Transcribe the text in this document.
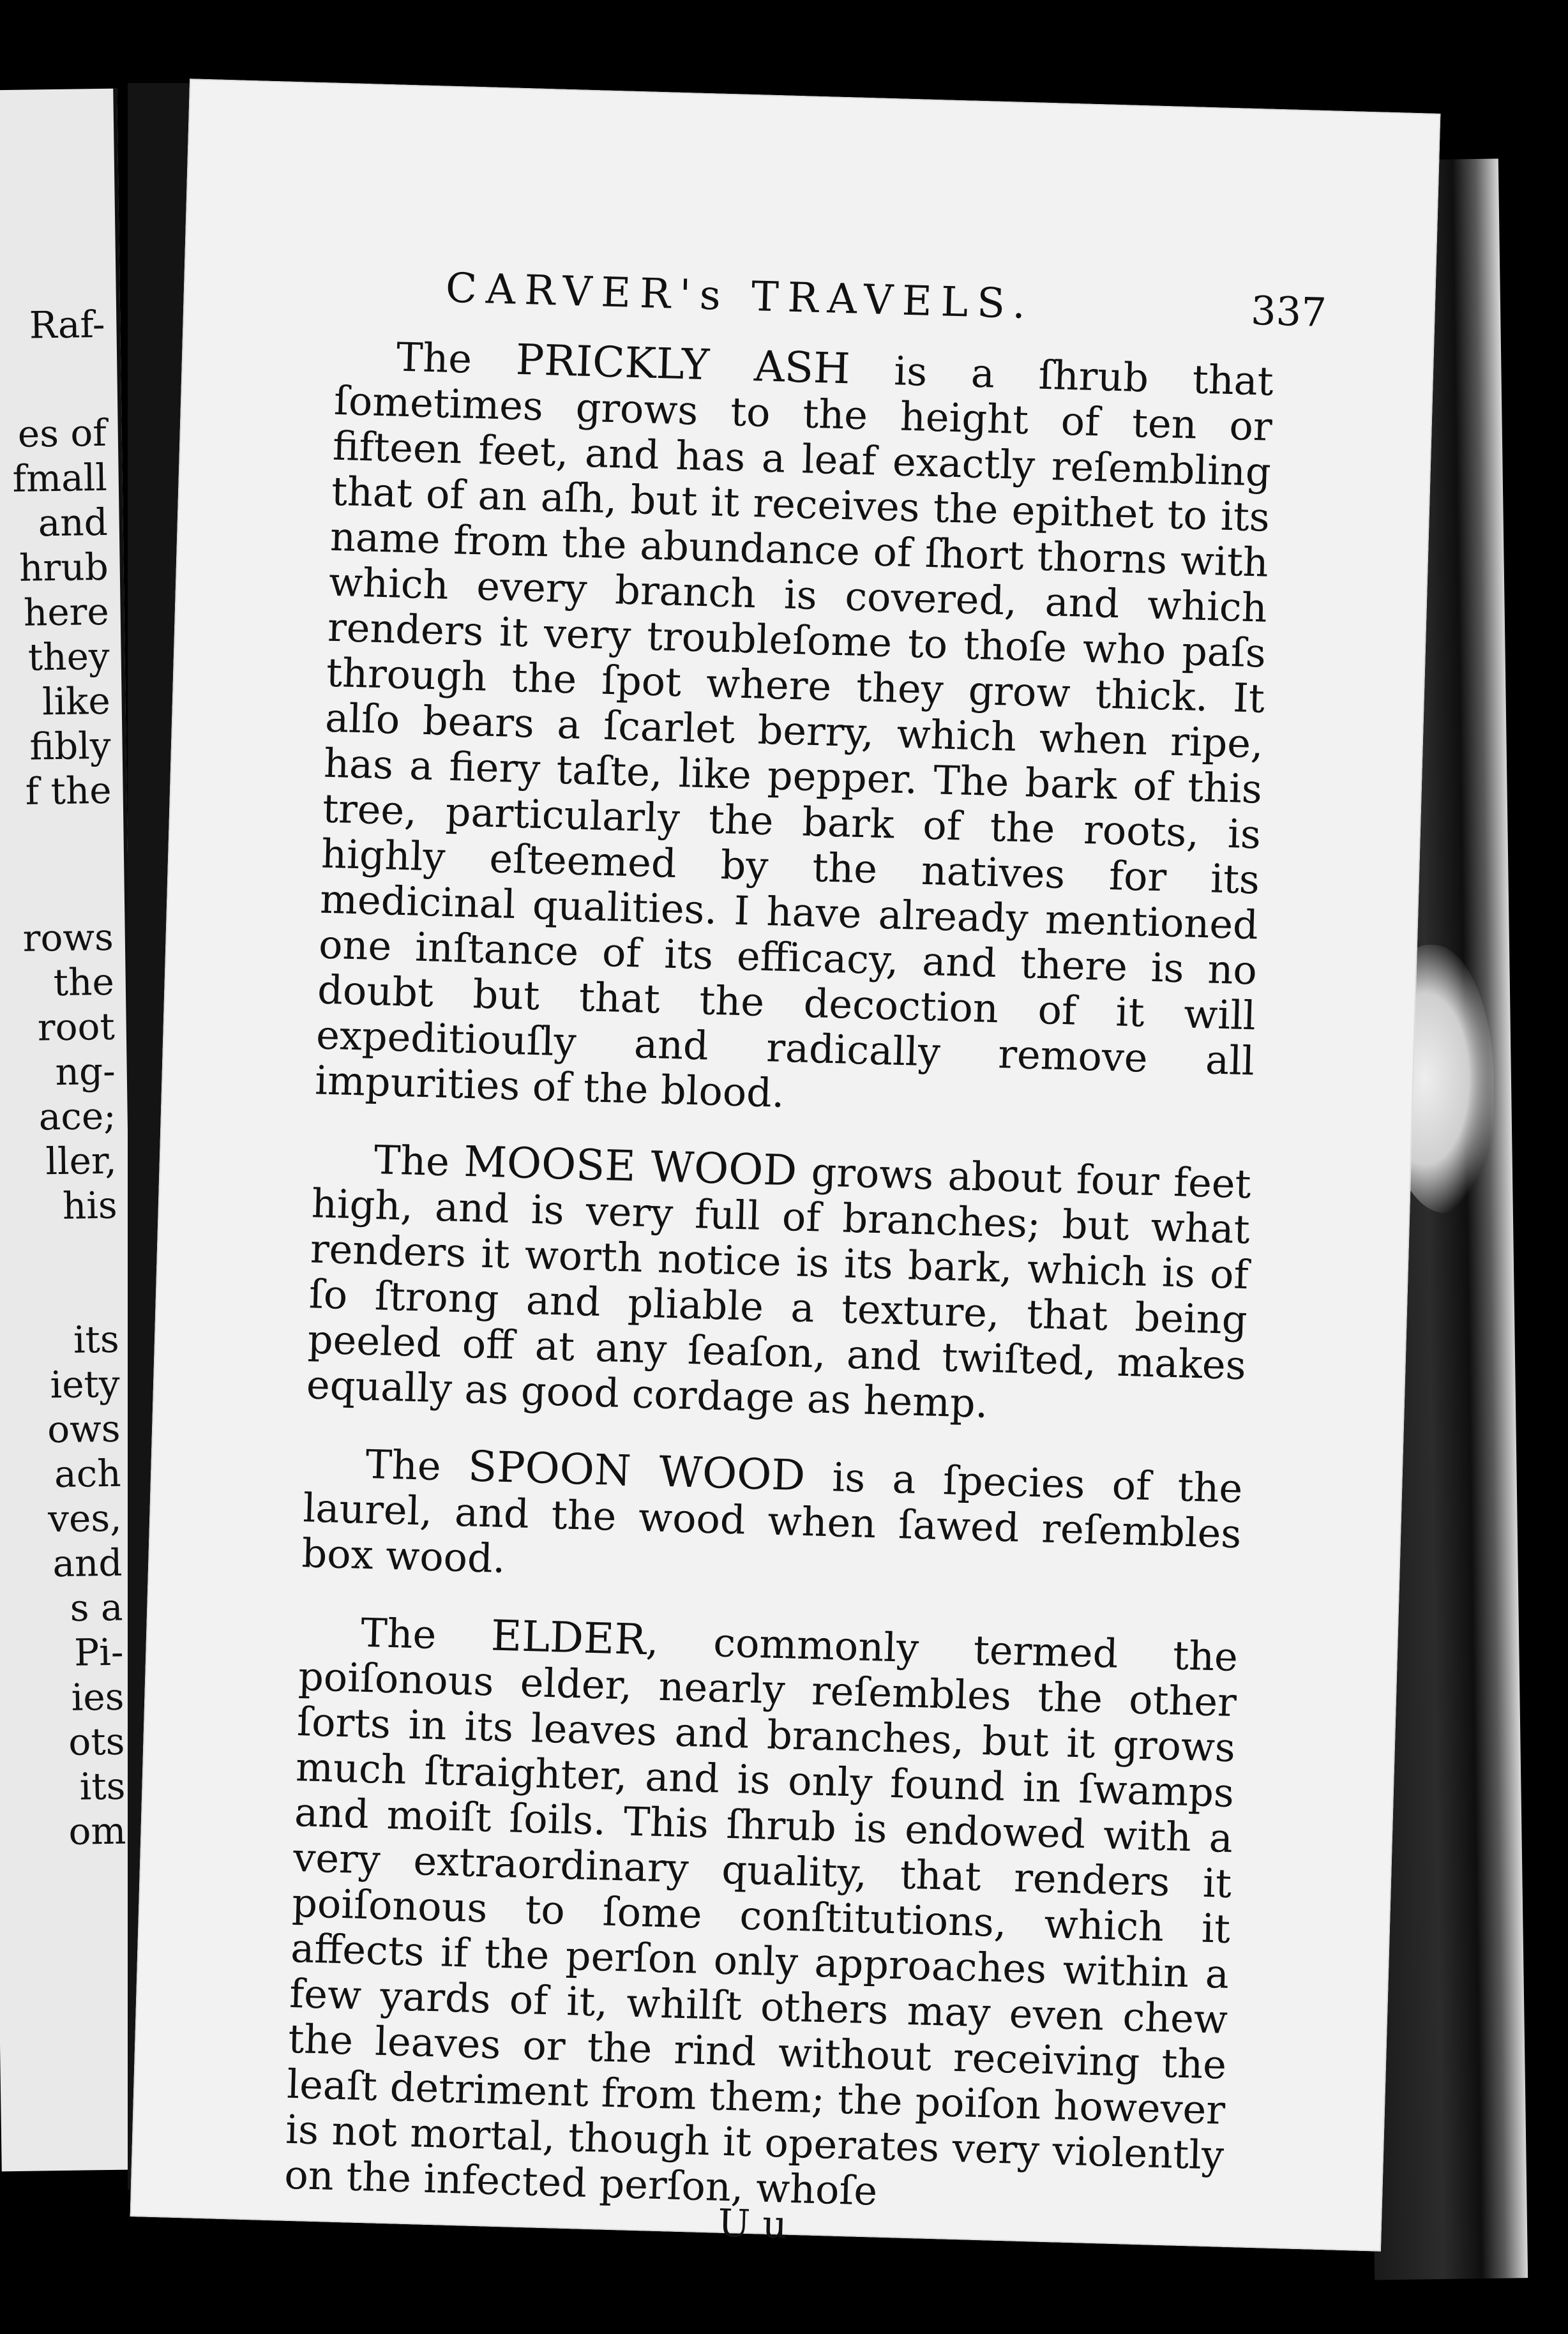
Raf-
es of
fmall
and
hrub
here
they
like
fibly
f the
rows
the
root
ng-
ace;
ller,
his
its
iety
ows
ach
ves,
and
s a
Pi-
ies
ots
its
om
CARVER's TRAVELS.	337

The PRICKLY ASH is a ſhrub that ſometimes grows to the height of ten or fifteen feet, and has a leaf exactly reſembling that of an aſh, but it receives the epithet to its name from the abundance of ſhort thorns with which every branch is covered, and which renders it very troubleſome to thoſe who paſs through the ſpot where they grow thick. It alſo bears a ſcarlet berry, which when ripe, has a fiery taſte, like pepper. The bark of this tree, particularly the bark of the roots, is highly eſteemed by the natives for its medicinal qualities. I have already mentioned one inſtance of its efficacy, and there is no doubt but that the decoction of it will expeditiouſly and radically remove all impurities of the blood.

The MOOSE WOOD grows about four feet high, and is very full of branches; but what renders it worth notice is its bark, which is of ſo ſtrong and pliable a texture, that being peeled off at any ſeaſon, and twiſted, makes equally as good cordage as hemp.

The SPOON WOOD is a ſpecies of the laurel, and the wood when ſawed reſembles box wood.

The ELDER, commonly termed the poiſonous elder, nearly reſembles the other ſorts in its leaves and branches, but it grows much ſtraighter, and is only found in ſwamps and moiſt ſoils. This ſhrub is endowed with a very extraordinary quality, that renders it poiſonous to ſome conſtitutions, which it affects if the perſon only approaches within a few yards of it, whilſt others may even chew the leaves or the rind without receiving the leaſt detriment from them; the poiſon however is not mortal, though it operates very violently on the infected perſon, whoſe

U u
